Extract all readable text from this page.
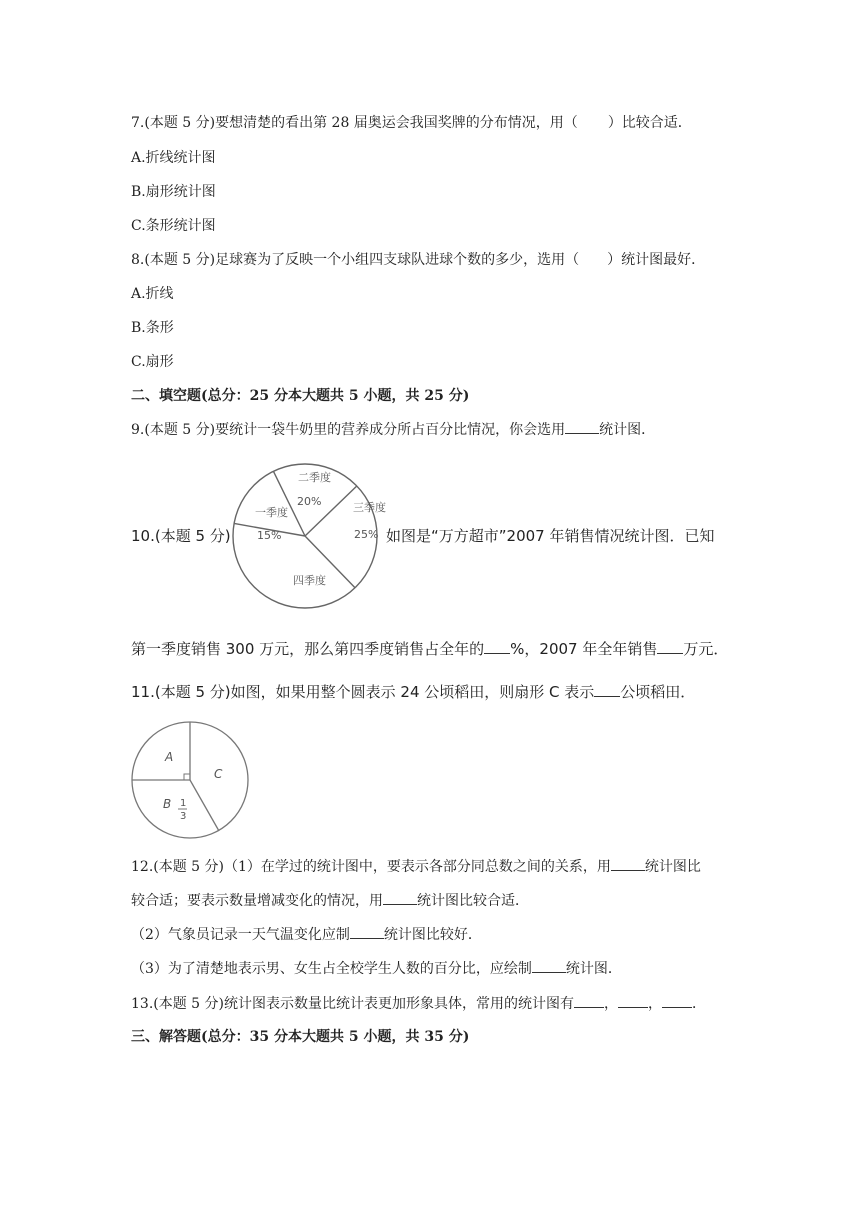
7.(本题 5 分)要想清楚的看出第 28 届奥运会我国奖牌的分布情况，用（ ）比较合适．
A.折线统计图
B.扇形统计图
C.条形统计图
8.(本题 5 分)足球赛为了反映一个小组四支球队进球个数的多少，选用（ ）统计图最好．
A.折线
B.条形
C.扇形
二、填空题(总分：25 分本大题共 5 小题，共 25 分)
9.(本题 5 分)要统计一袋牛奶里的营养成分所占百分比情况，你会选用 统计图．
10.(本题 5 分)
一季度
15%
二季度
20%	三季度
25%
四季度
如图是“万方超市”2007 年销售情况统计图．已知
第一季度销售 300 万元，那么第四季度销售占全年的 %，2007 年全年销售 万元．
11.(本题 5 分)如图，如果用整个圆表示 24 公顷稻田，则扇形 C 表示 公顷稻田．
A
C
B 1
3
12.(本题 5 分)（1）在学过的统计图中，要表示各部分同总数之间的关系，用 统计图比
较合适；要表示数量增减变化的情况，用 统计图比较合适．
（2）气象员记录一天气温变化应制 统计图比较好．
（3）为了清楚地表示男、女生占全校学生人数的百分比，应绘制 统计图．
13.(本题 5 分)统计图表示数量比统计表更加形象具体，常用的统计图有 ， ， ．
三、解答题(总分：35 分本大题共 5 小题，共 35 分)
